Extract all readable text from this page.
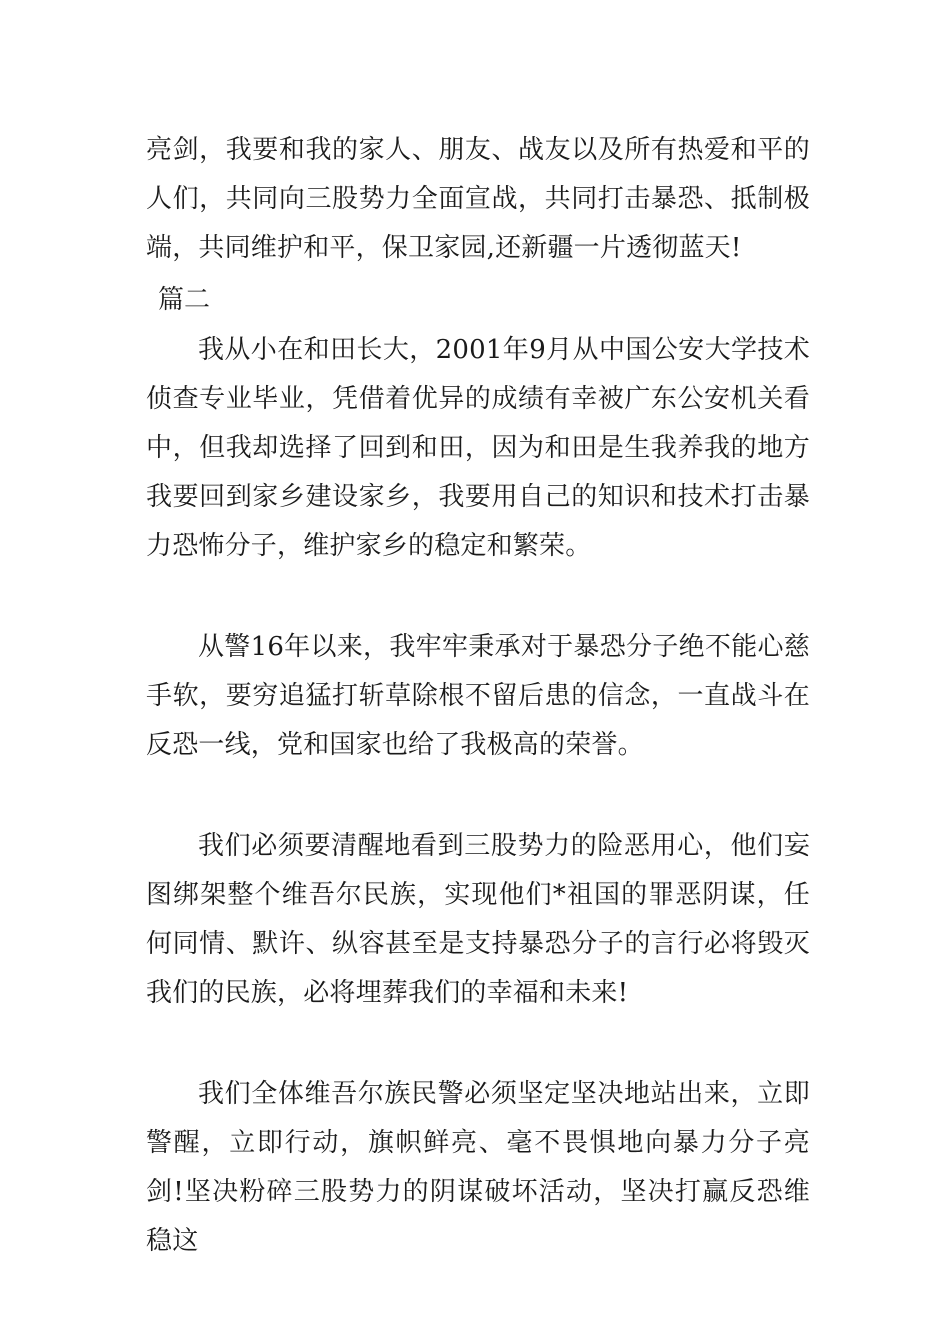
亮剑，我要和我的家人、朋友、战友以及所有热爱和平的人们，共同向三股势力全面宣战，共同打击暴恐、抵制极端，共同维护和平，保卫家园,还新疆一片透彻蓝天!
篇二
我从小在和田长大，2001年9月从中国公安大学技术侦查专业毕业，凭借着优异的成绩有幸被广东公安机关看中，但我却选择了回到和田，因为和田是生我养我的地方我要回到家乡建设家乡，我要用自己的知识和技术打击暴力恐怖分子，维护家乡的稳定和繁荣。
从警16年以来，我牢牢秉承对于暴恐分子绝不能心慈手软，要穷追猛打斩草除根不留后患的信念，一直战斗在反恐一线，党和国家也给了我极高的荣誉。
我们必须要清醒地看到三股势力的险恶用心，他们妄图绑架整个维吾尔民族，实现他们*祖国的罪恶阴谋，任何同情、默许、纵容甚至是支持暴恐分子的言行必将毁灭我们的民族，必将埋葬我们的幸福和未来!
我们全体维吾尔族民警必须坚定坚决地站出来，立即警醒，立即行动，旗帜鲜亮、毫不畏惧地向暴力分子亮剑!坚决粉碎三股势力的阴谋破坏活动，坚决打赢反恐维稳这
